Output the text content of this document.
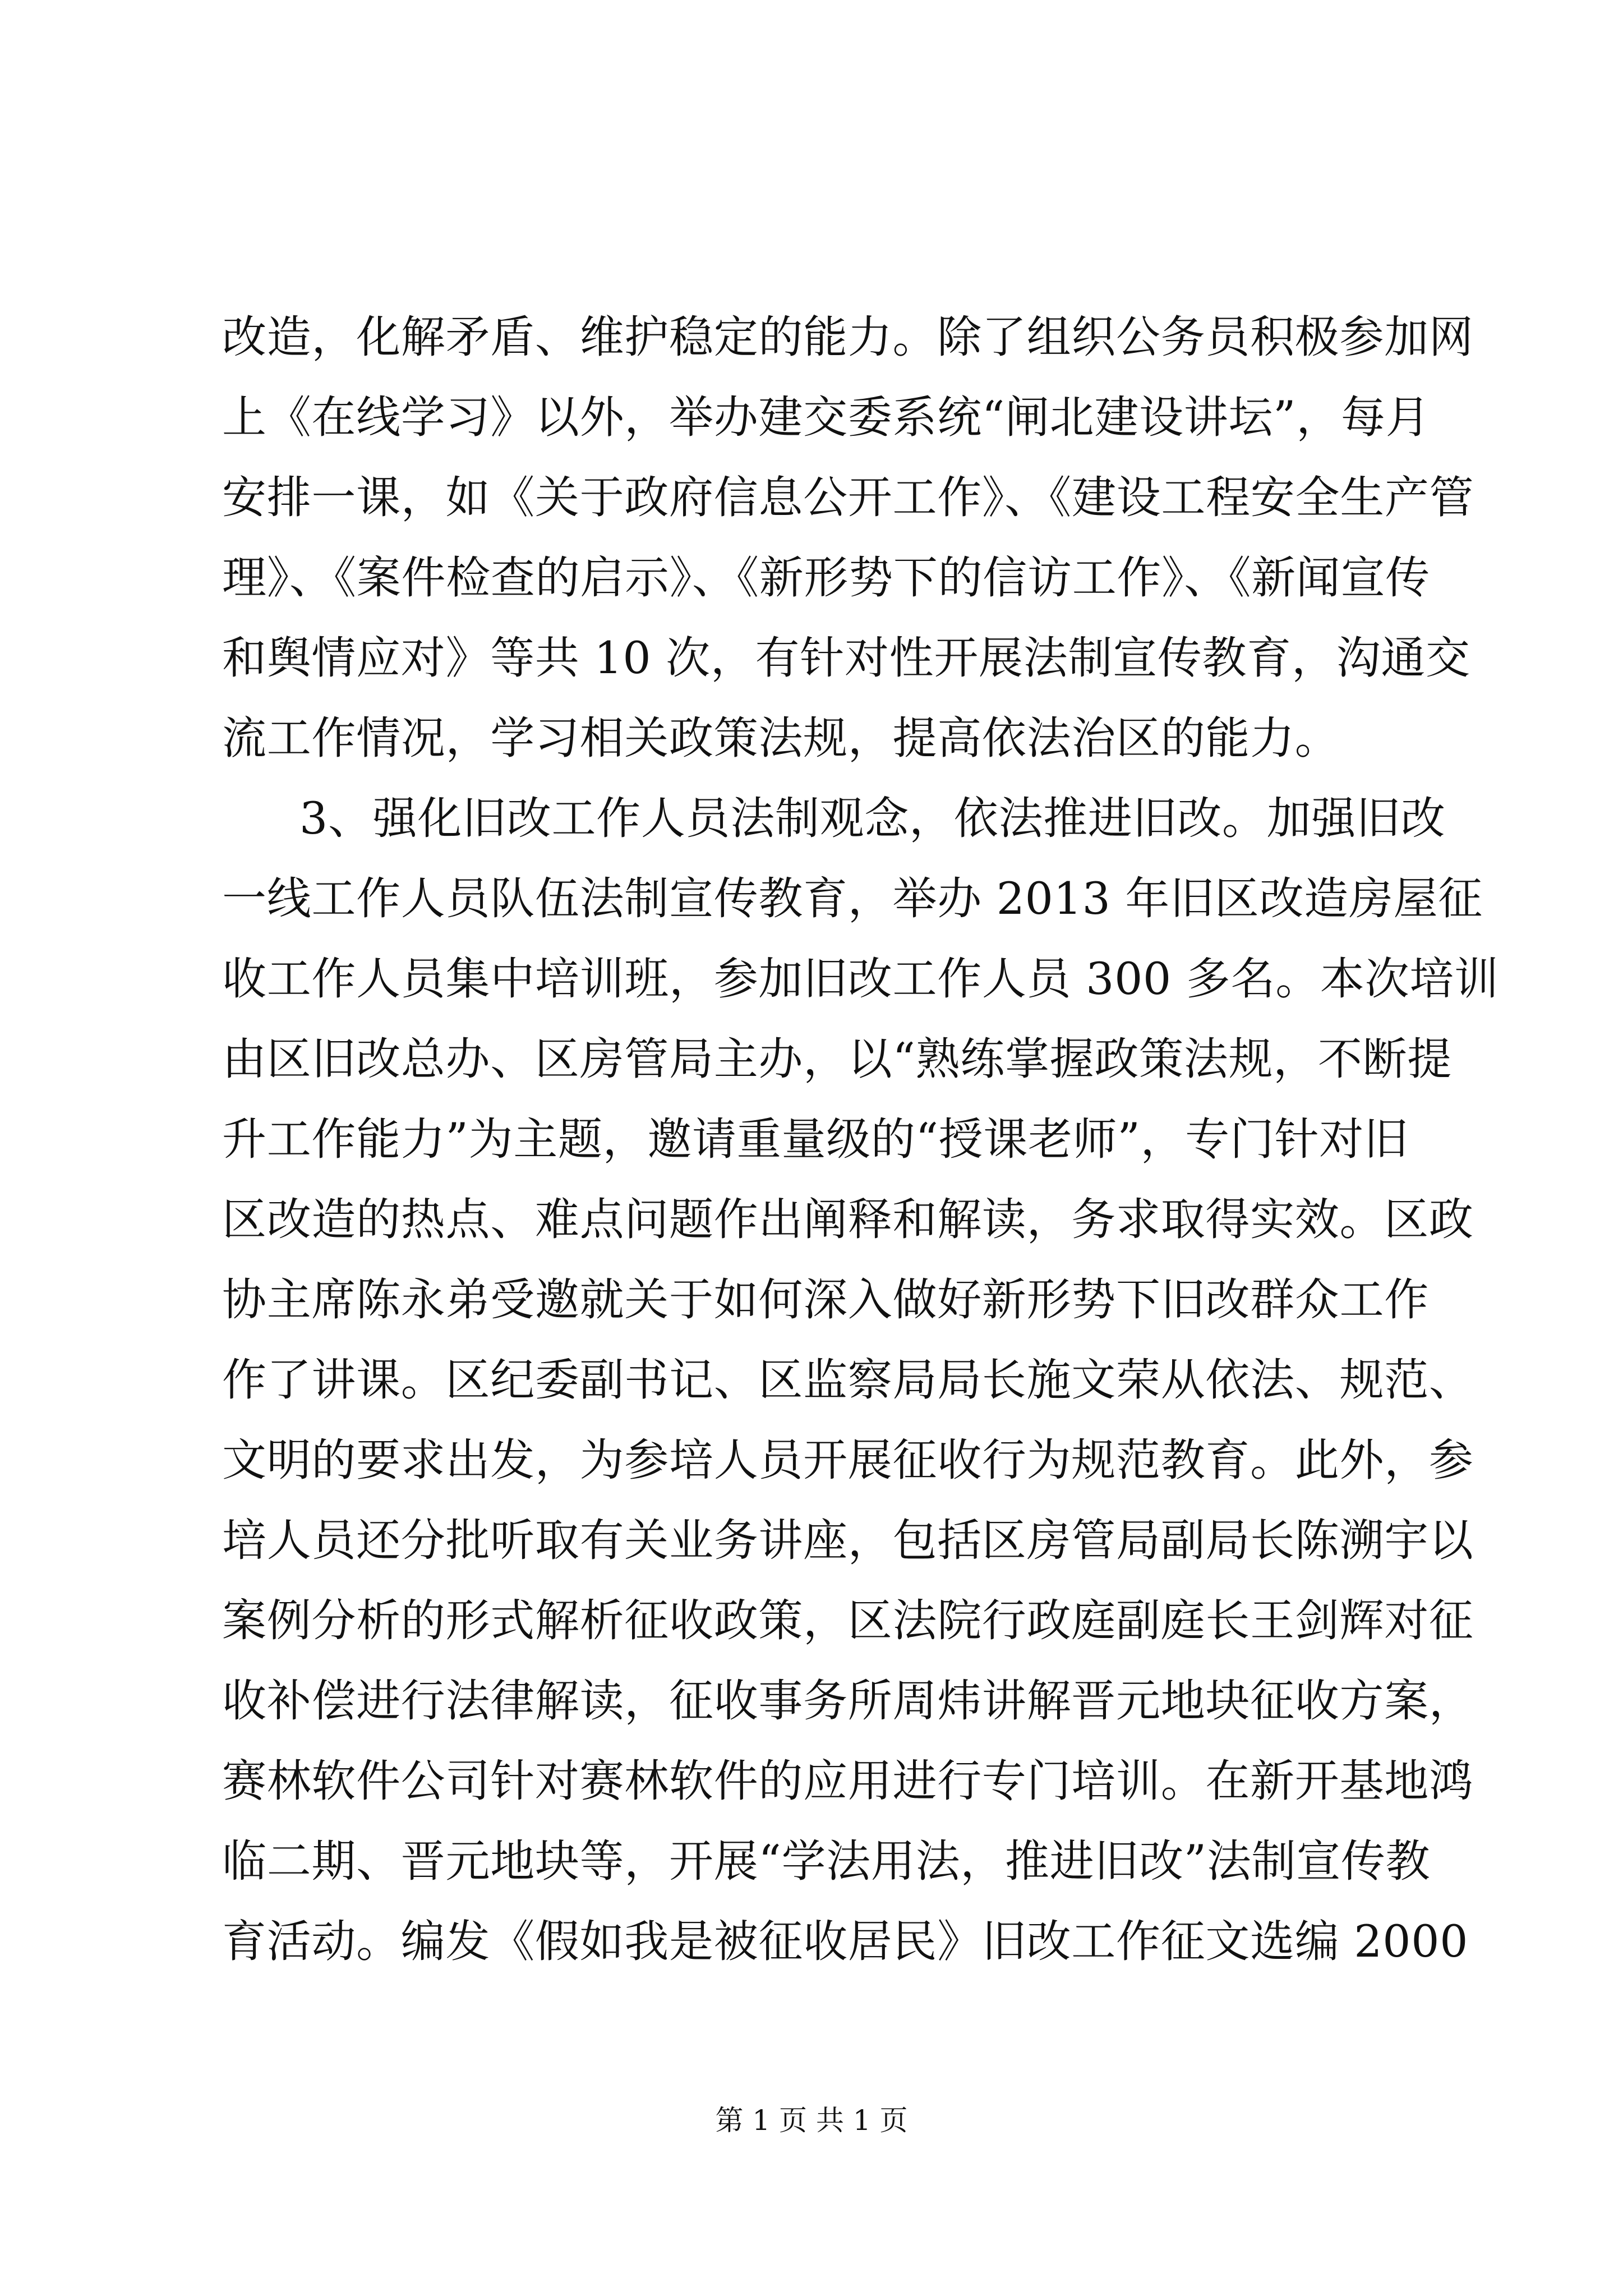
改造，化解矛盾、维护稳定的能力。除了组织公务员积极参加网
上《在线学习》以外，举办建交委系统“闸北建设讲坛”，每月
安排一课，如《关于政府信息公开工作》、《建设工程安全生产管
理》、《案件检查的启示》、《新形势下的信访工作》、《新闻宣传
和舆情应对》等共 10 次，有针对性开展法制宣传教育，沟通交
流工作情况，学习相关政策法规，提高依法治区的能力。
3、强化旧改工作人员法制观念，依法推进旧改。加强旧改
一线工作人员队伍法制宣传教育，举办 2013 年旧区改造房屋征
收工作人员集中培训班，参加旧改工作人员 300 多名。本次培训
由区旧改总办、区房管局主办，以“熟练掌握政策法规，不断提
升工作能力”为主题，邀请重量级的“授课老师”，专门针对旧
区改造的热点、难点问题作出阐释和解读，务求取得实效。区政
协主席陈永弟受邀就关于如何深入做好新形势下旧改群众工作
作了讲课。区纪委副书记、区监察局局长施文荣从依法、规范、
文明的要求出发，为参培人员开展征收行为规范教育。此外，参
培人员还分批听取有关业务讲座，包括区房管局副局长陈溯宇以
案例分析的形式解析征收政策，区法院行政庭副庭长王剑辉对征
收补偿进行法律解读，征收事务所周炜讲解晋元地块征收方案，
赛林软件公司针对赛林软件的应用进行专门培训。在新开基地鸿
临二期、晋元地块等，开展“学法用法，推进旧改”法制宣传教
育活动。编发《假如我是被征收居民》旧改工作征文选编 2000
第 1 页 共 1 页
